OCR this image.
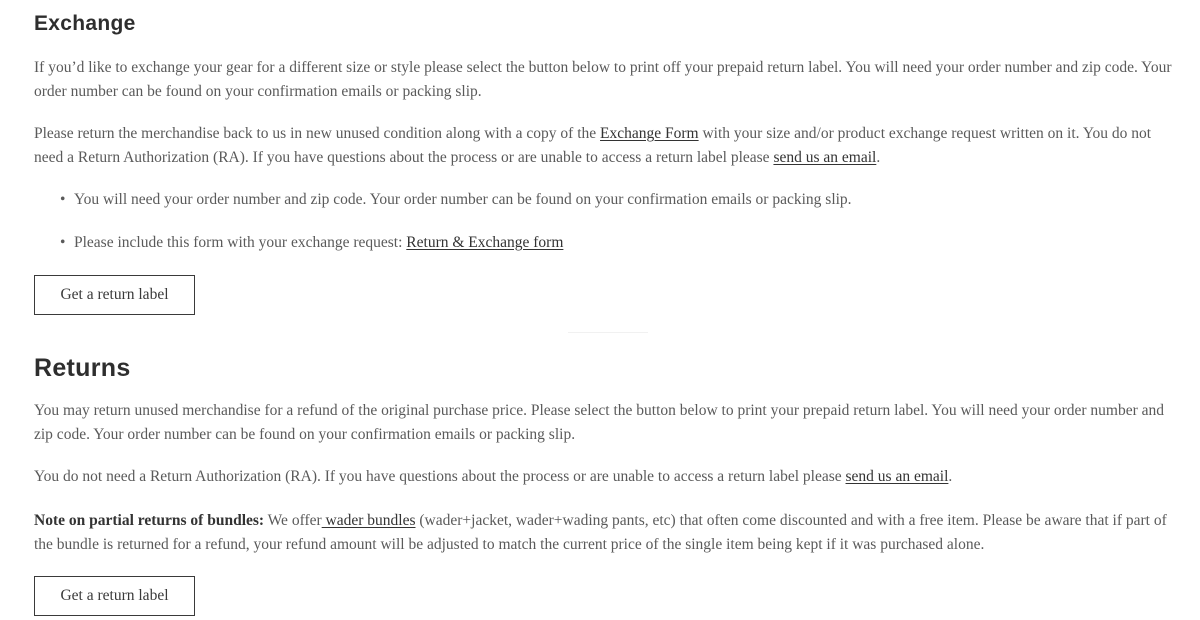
Exchange

If you’d like to exchange your gear for a different size or style please select the button below to print off your prepaid return label. You will need your order number and zip code. Your order number can be found on your confirmation emails or packing slip.

Please return the merchandise back to us in new unused condition along with a copy of the Exchange Form with your size and/or product exchange request written on it. You do not need a Return Authorization (RA). If you have questions about the process or are unable to access a return label please send us an email.

• You will need your order number and zip code. Your order number can be found on your confirmation emails or packing slip.
• Please include this form with your exchange request: Return & Exchange form
Get a return label
Returns

You may return unused merchandise for a refund of the original purchase price. Please select the button below to print your prepaid return label. You will need your order number and zip code. Your order number can be found on your confirmation emails or packing slip.

You do not need a Return Authorization (RA). If you have questions about the process or are unable to access a return label please send us an email.

Note on partial returns of bundles: We offer wader bundles (wader+jacket, wader+wading pants, etc) that often come discounted and with a free item. Please be aware that if part of the bundle is returned for a refund, your refund amount will be adjusted to match the current price of the single item being kept if it was purchased alone.

Get a return label
